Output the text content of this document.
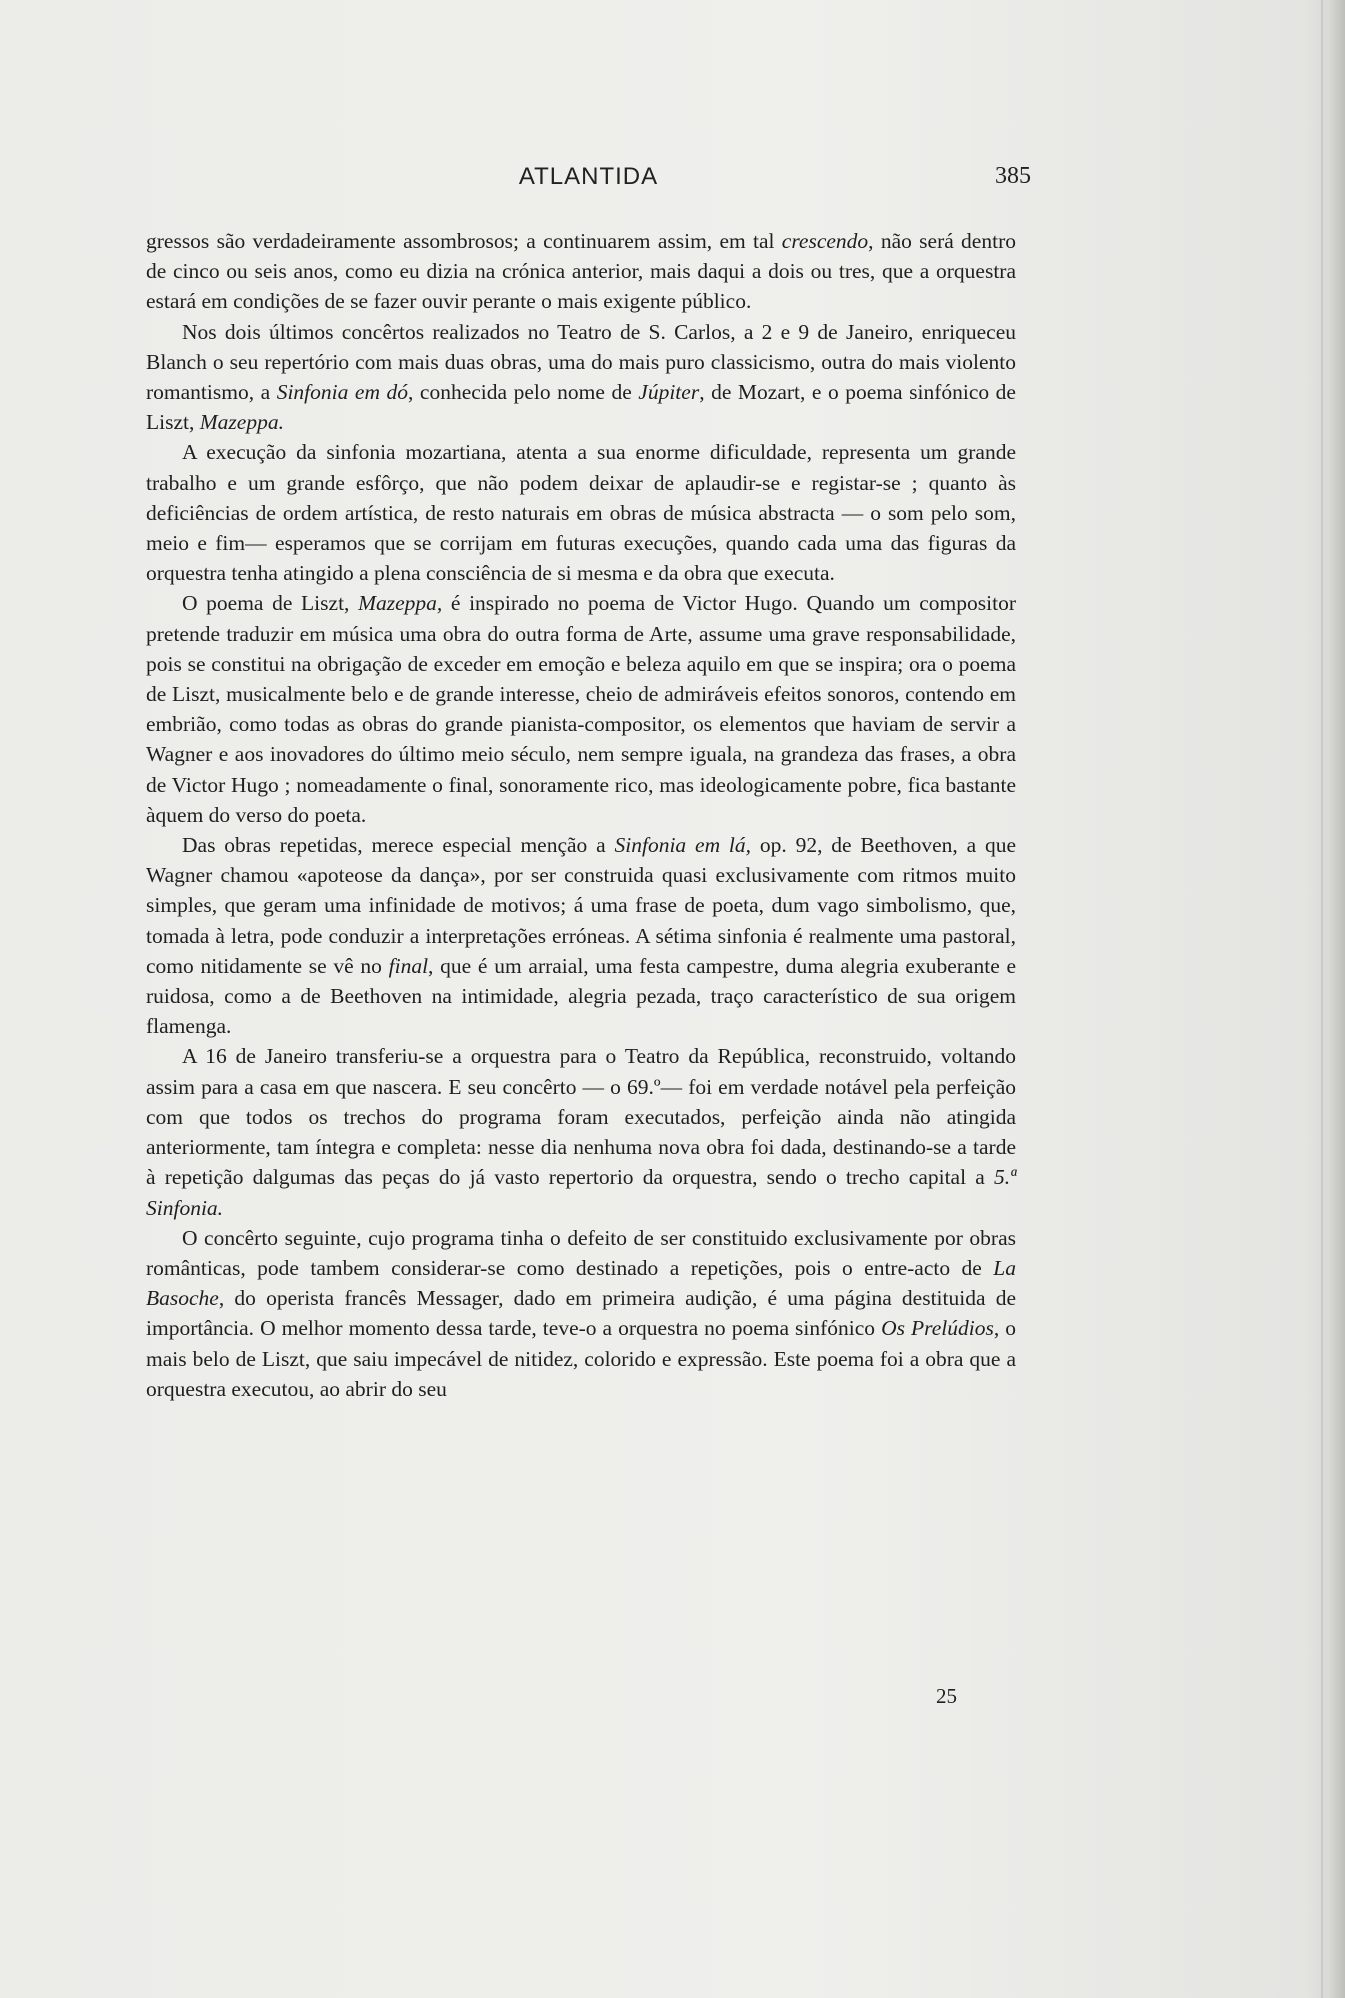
ATLANTIDA	385

gressos são verdadeiramente assombrosos; a continuarem assim, em tal crescendo, não será dentro de cinco ou seis anos, como eu dizia na crónica anterior, mais daqui a dois ou tres, que a orquestra estará em condições de se fazer ouvir perante o mais exigente público.

Nos dois últimos concêrtos realizados no Teatro de S. Carlos, a 2 e 9 de Janeiro, enriqueceu Blanch o seu repertório com mais duas obras, uma do mais puro classicismo, outra do mais violento romantismo, a Sinfonia em dó, conhecida pelo nome de Júpiter, de Mozart, e o poema sinfónico de Liszt, Mazeppa.

A execução da sinfonia mozartiana, atenta a sua enorme dificuldade, representa um grande trabalho e um grande esfôrço, que não podem deixar de aplaudir-se e registar-se ; quanto às deficiências de ordem artística, de resto naturais em obras de música abstracta — o som pelo som, meio e fim— esperamos que se corrijam em futuras execuções, quando cada uma das figuras da orquestra tenha atingido a plena consciência de si mesma e da obra que executa.

O poema de Liszt, Mazeppa, é inspirado no poema de Victor Hugo. Quando um compositor pretende traduzir em música uma obra do outra forma de Arte, assume uma grave responsabilidade, pois se constitui na obrigação de exceder em emoção e beleza aquilo em que se inspira; ora o poema de Liszt, musicalmente belo e de grande interesse, cheio de admiráveis efeitos sonoros, contendo em embrião, como todas as obras do grande pianista-compositor, os elementos que haviam de servir a Wagner e aos inovadores do último meio século, nem sempre iguala, na grandeza das frases, a obra de Victor Hugo ; nomeadamente o final, sonoramente rico, mas ideologicamente pobre, fica bastante àquem do verso do poeta.

Das obras repetidas, merece especial menção a Sinfonia em lá, op. 92, de Beethoven, a que Wagner chamou «apoteose da dança», por ser construida quasi exclusivamente com ritmos muito simples, que geram uma infinidade de motivos; á uma frase de poeta, dum vago simbolismo, que, tomada à letra, pode conduzir a interpretações erróneas. A sétima sinfonia é realmente uma pastoral, como nitidamente se vê no final, que é um arraial, uma festa campestre, duma alegria exuberante e ruidosa, como a de Beethoven na intimidade, alegria pezada, traço característico de sua origem flamenga.

A 16 de Janeiro transferiu-se a orquestra para o Teatro da República, reconstruido, voltando assim para a casa em que nascera. E seu concêrto — o 69.º— foi em verdade notável pela perfeição com que todos os trechos do programa foram executados, perfeição ainda não atingida anteriormente, tam íntegra e completa: nesse dia nenhuma nova obra foi dada, destinando-se a tarde à repetição dalgumas das peças do já vasto repertorio da orquestra, sendo o trecho capital a 5.ª Sinfonia.

O concêrto seguinte, cujo programa tinha o defeito de ser constituido exclusivamente por obras românticas, pode tambem considerar-se como destinado a repetições, pois o entre-acto de La Basoche, do operista francês Messager, dado em primeira audição, é uma página destituida de importância. O melhor momento dessa tarde, teve-o a orquestra no poema sinfónico Os Prelúdios, o mais belo de Liszt, que saiu impecável de nitidez, colorido e expressão. Este poema foi a obra que a orquestra executou, ao abrir do seu

25
